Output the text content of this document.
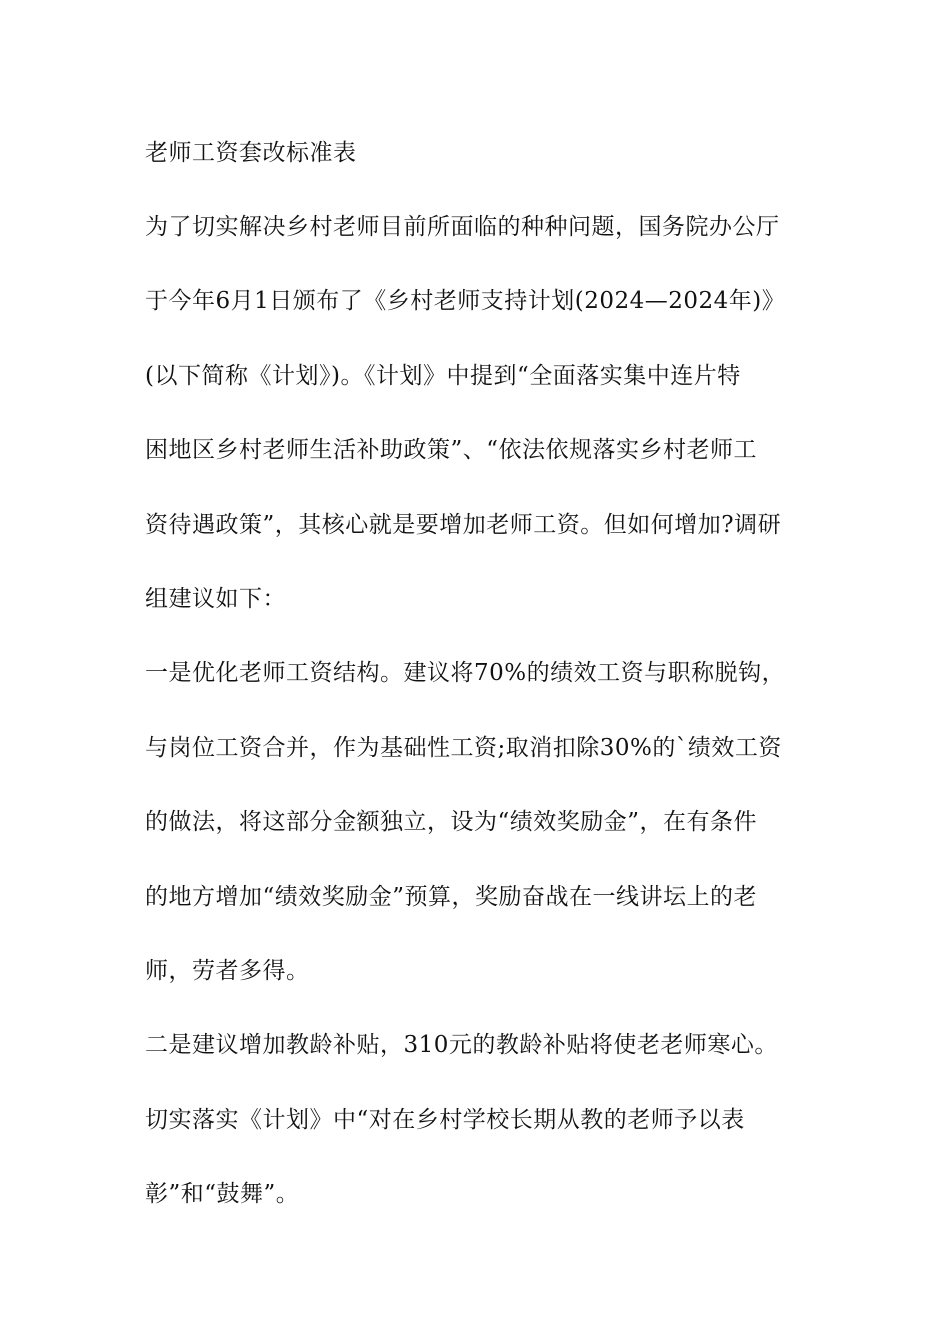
老师工资套改标准表
为了切实解决乡村老师目前所面临的种种问题，国务院办公厅
于今年6月1日颁布了《乡村老师支持计划(2024—2024年)》
(以下简称《计划》)。《计划》中提到“全面落实集中连片特
困地区乡村老师生活补助政策”、“依法依规落实乡村老师工
资待遇政策”，其核心就是要增加老师工资。但如何增加?调研
组建议如下：
一是优化老师工资结构。建议将70%的绩效工资与职称脱钩，
与岗位工资合并，作为基础性工资;取消扣除30%的`绩效工资
的做法，将这部分金额独立，设为“绩效奖励金”，在有条件
的地方增加“绩效奖励金”预算，奖励奋战在一线讲坛上的老
师，劳者多得。
二是建议增加教龄补贴，310元的教龄补贴将使老老师寒心。
切实落实《计划》中“对在乡村学校长期从教的老师予以表
彰”和“鼓舞”。
